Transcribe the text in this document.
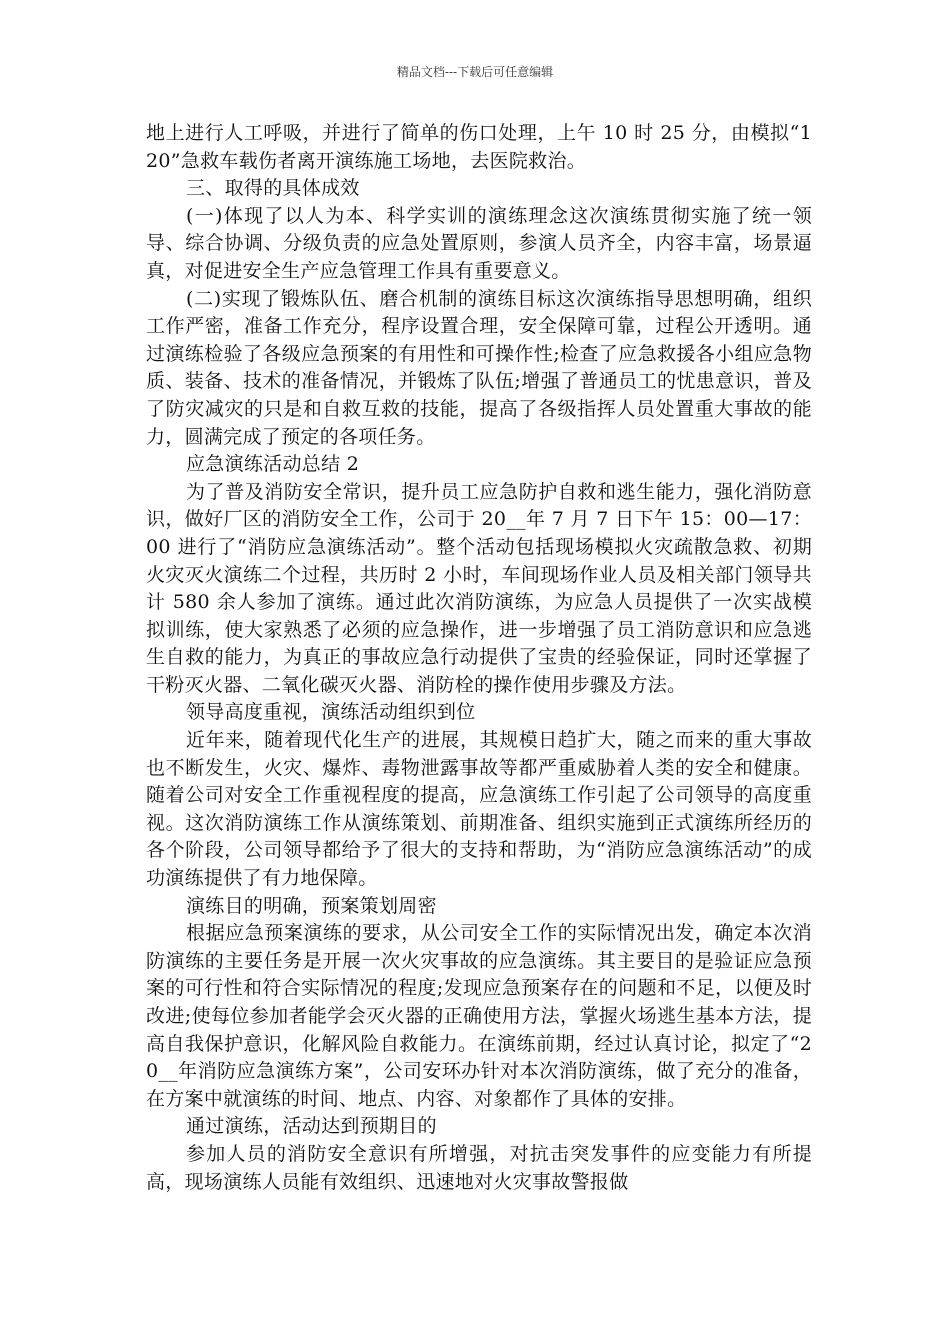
精品文档---下载后可任意编辑

地上进行人工呼吸，并进行了简单的伤口处理，上午 10 时 25 分，由模拟“120”急救车载伤者离开演练施工场地，去医院救治。

三、取得的具体成效

(一)体现了以人为本、科学实训的演练理念这次演练贯彻实施了统一领导、综合协调、分级负责的应急处置原则，参演人员齐全，内容丰富，场景逼真，对促进安全生产应急管理工作具有重要意义。

(二)实现了锻炼队伍、磨合机制的演练目标这次演练指导思想明确，组织工作严密，准备工作充分，程序设置合理，安全保障可靠，过程公开透明。通过演练检验了各级应急预案的有用性和可操作性;检查了应急救援各小组应急物质、装备、技术的准备情况，并锻炼了队伍;增强了普通员工的忧患意识，普及了防灾减灾的只是和自救互救的技能，提高了各级指挥人员处置重大事故的能力，圆满完成了预定的各项任务。

应急演练活动总结 2

为了普及消防安全常识，提升员工应急防护自救和逃生能力，强化消防意识，做好厂区的消防安全工作，公司于 20__年 7 月 7 日下午 15：00—17：00 进行了“消防应急演练活动”。整个活动包括现场模拟火灾疏散急救、初期火灾灭火演练二个过程，共历时 2 小时，车间现场作业人员及相关部门领导共计 580 余人参加了演练。通过此次消防演练，为应急人员提供了一次实战模拟训练，使大家熟悉了必须的应急操作，进一步增强了员工消防意识和应急逃生自救的能力，为真正的事故应急行动提供了宝贵的经验保证，同时还掌握了干粉灭火器、二氧化碳灭火器、消防栓的操作使用步骤及方法。

领导高度重视，演练活动组织到位

近年来，随着现代化生产的进展，其规模日趋扩大，随之而来的重大事故也不断发生，火灾、爆炸、毒物泄露事故等都严重威胁着人类的安全和健康。随着公司对安全工作重视程度的提高，应急演练工作引起了公司领导的高度重视。这次消防演练工作从演练策划、前期准备、组织实施到正式演练所经历的各个阶段，公司领导都给予了很大的支持和帮助，为“消防应急演练活动”的成功演练提供了有力地保障。

演练目的明确，预案策划周密

根据应急预案演练的要求，从公司安全工作的实际情况出发，确定本次消防演练的主要任务是开展一次火灾事故的应急演练。其主要目的是验证应急预案的可行性和符合实际情况的程度;发现应急预案存在的问题和不足，以便及时改进;使每位参加者能学会灭火器的正确使用方法，掌握火场逃生基本方法，提高自我保护意识，化解风险自救能力。在演练前期，经过认真讨论，拟定了“20__年消防应急演练方案”，公司安环办针对本次消防演练，做了充分的准备，在方案中就演练的时间、地点、内容、对象都作了具体的安排。

通过演练，活动达到预期目的

参加人员的消防安全意识有所增强，对抗击突发事件的应变能力有所提高，现场演练人员能有效组织、迅速地对火灾事故警报做
